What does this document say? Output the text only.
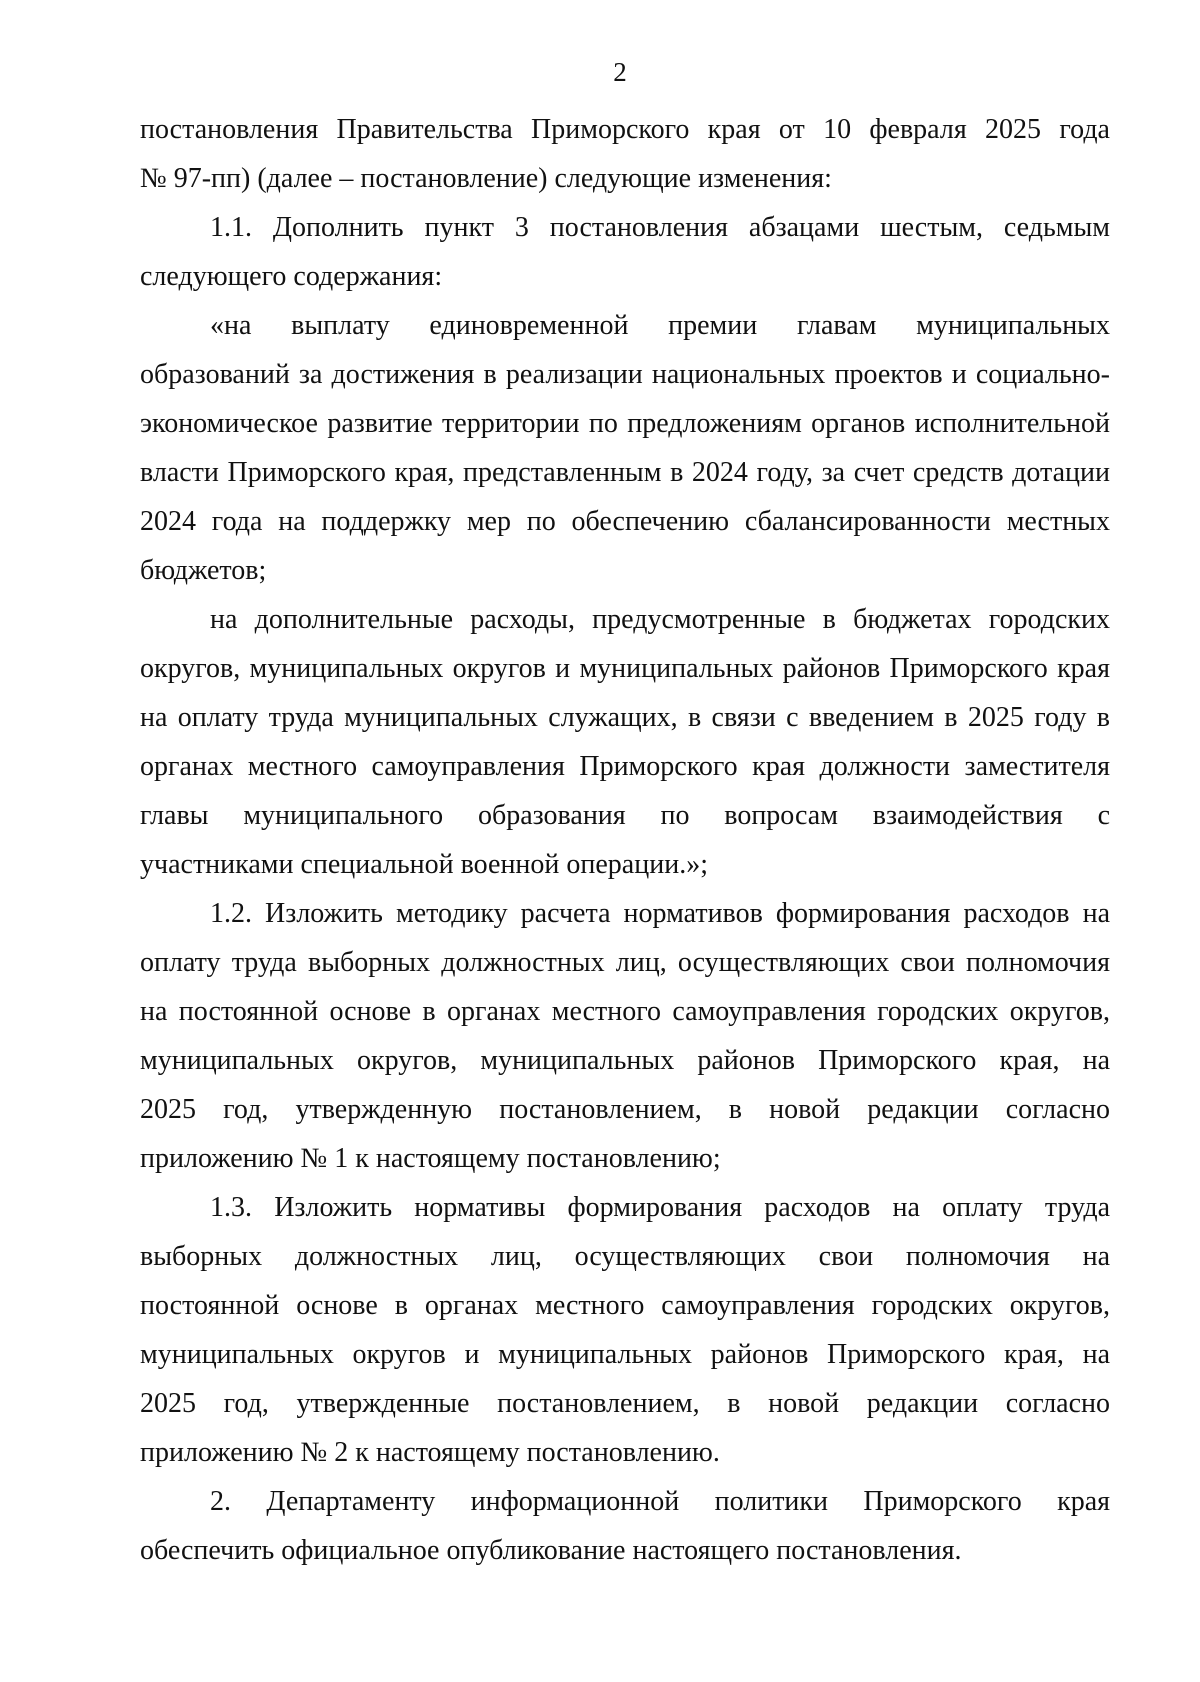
2
постановления Правительства Приморского края от 10 февраля 2025 года
№ 97-пп) (далее – постановление) следующие изменения:
1.1. Дополнить пункт 3 постановления абзацами шестым, седьмым
следующего содержания:
«на выплату единовременной премии главам муниципальных
образований за достижения в реализации национальных проектов и социально-
экономическое развитие территории по предложениям органов исполнительной
власти Приморского края, представленным в 2024 году, за счет средств дотации
2024 года на поддержку мер по обеспечению сбалансированности местных
бюджетов;
на дополнительные расходы, предусмотренные в бюджетах городских
округов, муниципальных округов и муниципальных районов Приморского края
на оплату труда муниципальных служащих, в связи с введением в 2025 году в
органах местного самоуправления Приморского края должности заместителя
главы муниципального образования по вопросам взаимодействия с
участниками специальной военной операции.»;
1.2. Изложить методику расчета нормативов формирования расходов на
оплату труда выборных должностных лиц, осуществляющих свои полномочия
на постоянной основе в органах местного самоуправления городских округов,
муниципальных округов, муниципальных районов Приморского края, на
2025 год, утвержденную постановлением, в новой редакции согласно
приложению № 1 к настоящему постановлению;
1.3. Изложить нормативы формирования расходов на оплату труда
выборных должностных лиц, осуществляющих свои полномочия на
постоянной основе в органах местного самоуправления городских округов,
муниципальных округов и муниципальных районов Приморского края, на
2025 год, утвержденные постановлением, в новой редакции согласно
приложению № 2 к настоящему постановлению.
2. Департаменту информационной политики Приморского края
обеспечить официальное опубликование настоящего постановления.
